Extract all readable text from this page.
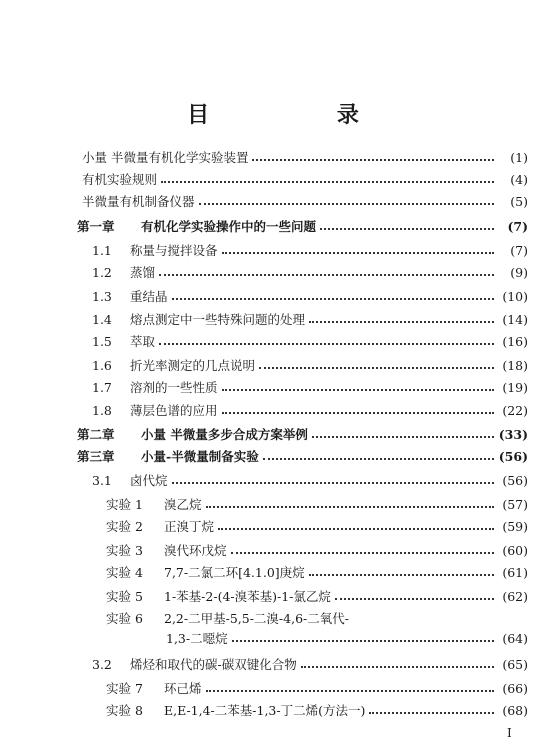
目 录
小量 半微量有机化学实验装置	(1)
有机实验规则	(4)
半微量有机制备仪器	(5)
第一章	有机化学实验操作中的一些问题	(7)
1.1	称量与搅拌设备	(7)
1.2	蒸馏	(9)
1.3	重结晶	(10)
1.4	熔点测定中一些特殊问题的处理	(14)
1.5	萃取	(16)
1.6	折光率测定的几点说明	(18)
1.7	溶剂的一些性质	(19)
1.8	薄层色谱的应用	(22)
第二章	小量 半微量多步合成方案举例	(33)
第三章	小量-半微量制备实验	(56)
3.1	卤代烷	(56)
实验 1	溴乙烷	(57)
实验 2	正溴丁烷	(59)
实验 3	溴代环戊烷	(60)
实验 4	7,7-二氯二环[4.1.0]庚烷	(61)
实验 5	1-苯基-2-(4-溴苯基)-1-氯乙烷	(62)
实验 6	2,2-二甲基-5,5-二溴-4,6-二氧代-
1,3-二噁烷	(64)
3.2	烯烃和取代的碳-碳双键化合物	(65)
实验 7	环己烯	(66)
实验 8	E,E-1,4-二苯基-1,3-丁二烯(方法一)	(68)
I
